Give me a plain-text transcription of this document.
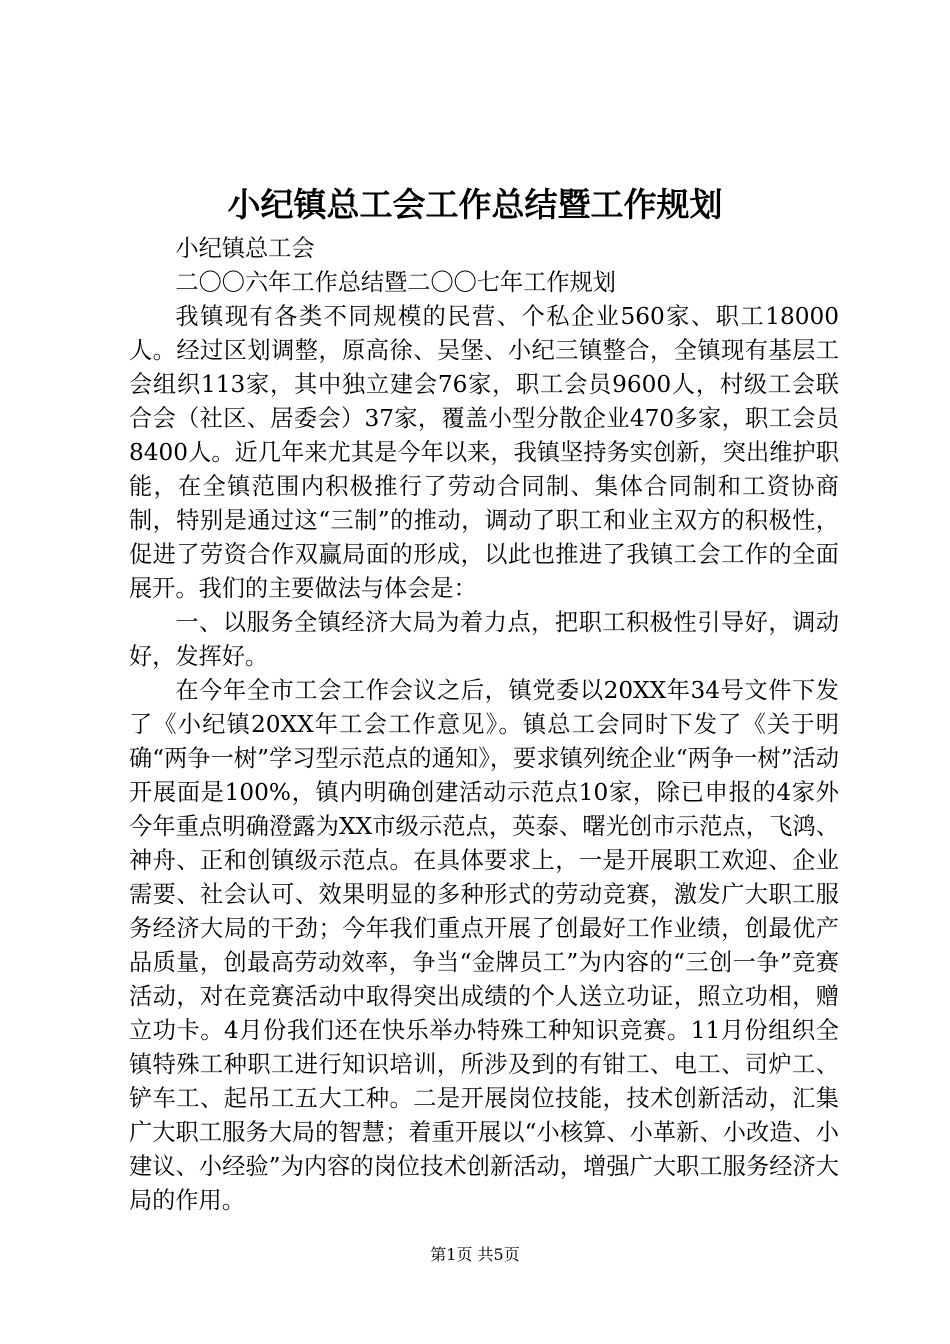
小纪镇总工会工作总结暨工作规划

小纪镇总工会

二〇〇六年工作总结暨二〇〇七年工作规划

我镇现有各类不同规模的民营、个私企业560家、职工18000人。经过区划调整，原高徐、吴堡、小纪三镇整合，全镇现有基层工会组织113家，其中独立建会76家，职工会员9600人，村级工会联合会（社区、居委会）37家，覆盖小型分散企业470多家，职工会员8400人。近几年来尤其是今年以来，我镇坚持务实创新，突出维护职能，在全镇范围内积极推行了劳动合同制、集体合同制和工资协商制，特别是通过这“三制”的推动，调动了职工和业主双方的积极性，促进了劳资合作双赢局面的形成，以此也推进了我镇工会工作的全面展开。我们的主要做法与体会是：

一、以服务全镇经济大局为着力点，把职工积极性引导好，调动好，发挥好。

在今年全市工会工作会议之后，镇党委以20XX年34号文件下发了《小纪镇20XX年工会工作意见》。镇总工会同时下发了《关于明确“两争一树”学习型示范点的通知》，要求镇列统企业“两争一树”活动开展面是100%，镇内明确创建活动示范点10家，除已申报的4家外今年重点明确澄露为XX市级示范点，英泰、曙光创市示范点，飞鸿、神舟、正和创镇级示范点。在具体要求上，一是开展职工欢迎、企业需要、社会认可、效果明显的多种形式的劳动竞赛，激发广大职工服务经济大局的干劲；今年我们重点开展了创最好工作业绩，创最优产品质量，创最高劳动效率，争当“金牌员工”为内容的“三创一争”竞赛活动，对在竞赛活动中取得突出成绩的个人送立功证，照立功相，赠立功卡。4月份我们还在快乐举办特殊工种知识竞赛。11月份组织全镇特殊工种职工进行知识培训，所涉及到的有钳工、电工、司炉工、铲车工、起吊工五大工种。二是开展岗位技能，技术创新活动，汇集广大职工服务大局的智慧；着重开展以“小核算、小革新、小改造、小建议、小经验”为内容的岗位技术创新活动，增强广大职工服务经济大局的作用。

第1页 共5页
